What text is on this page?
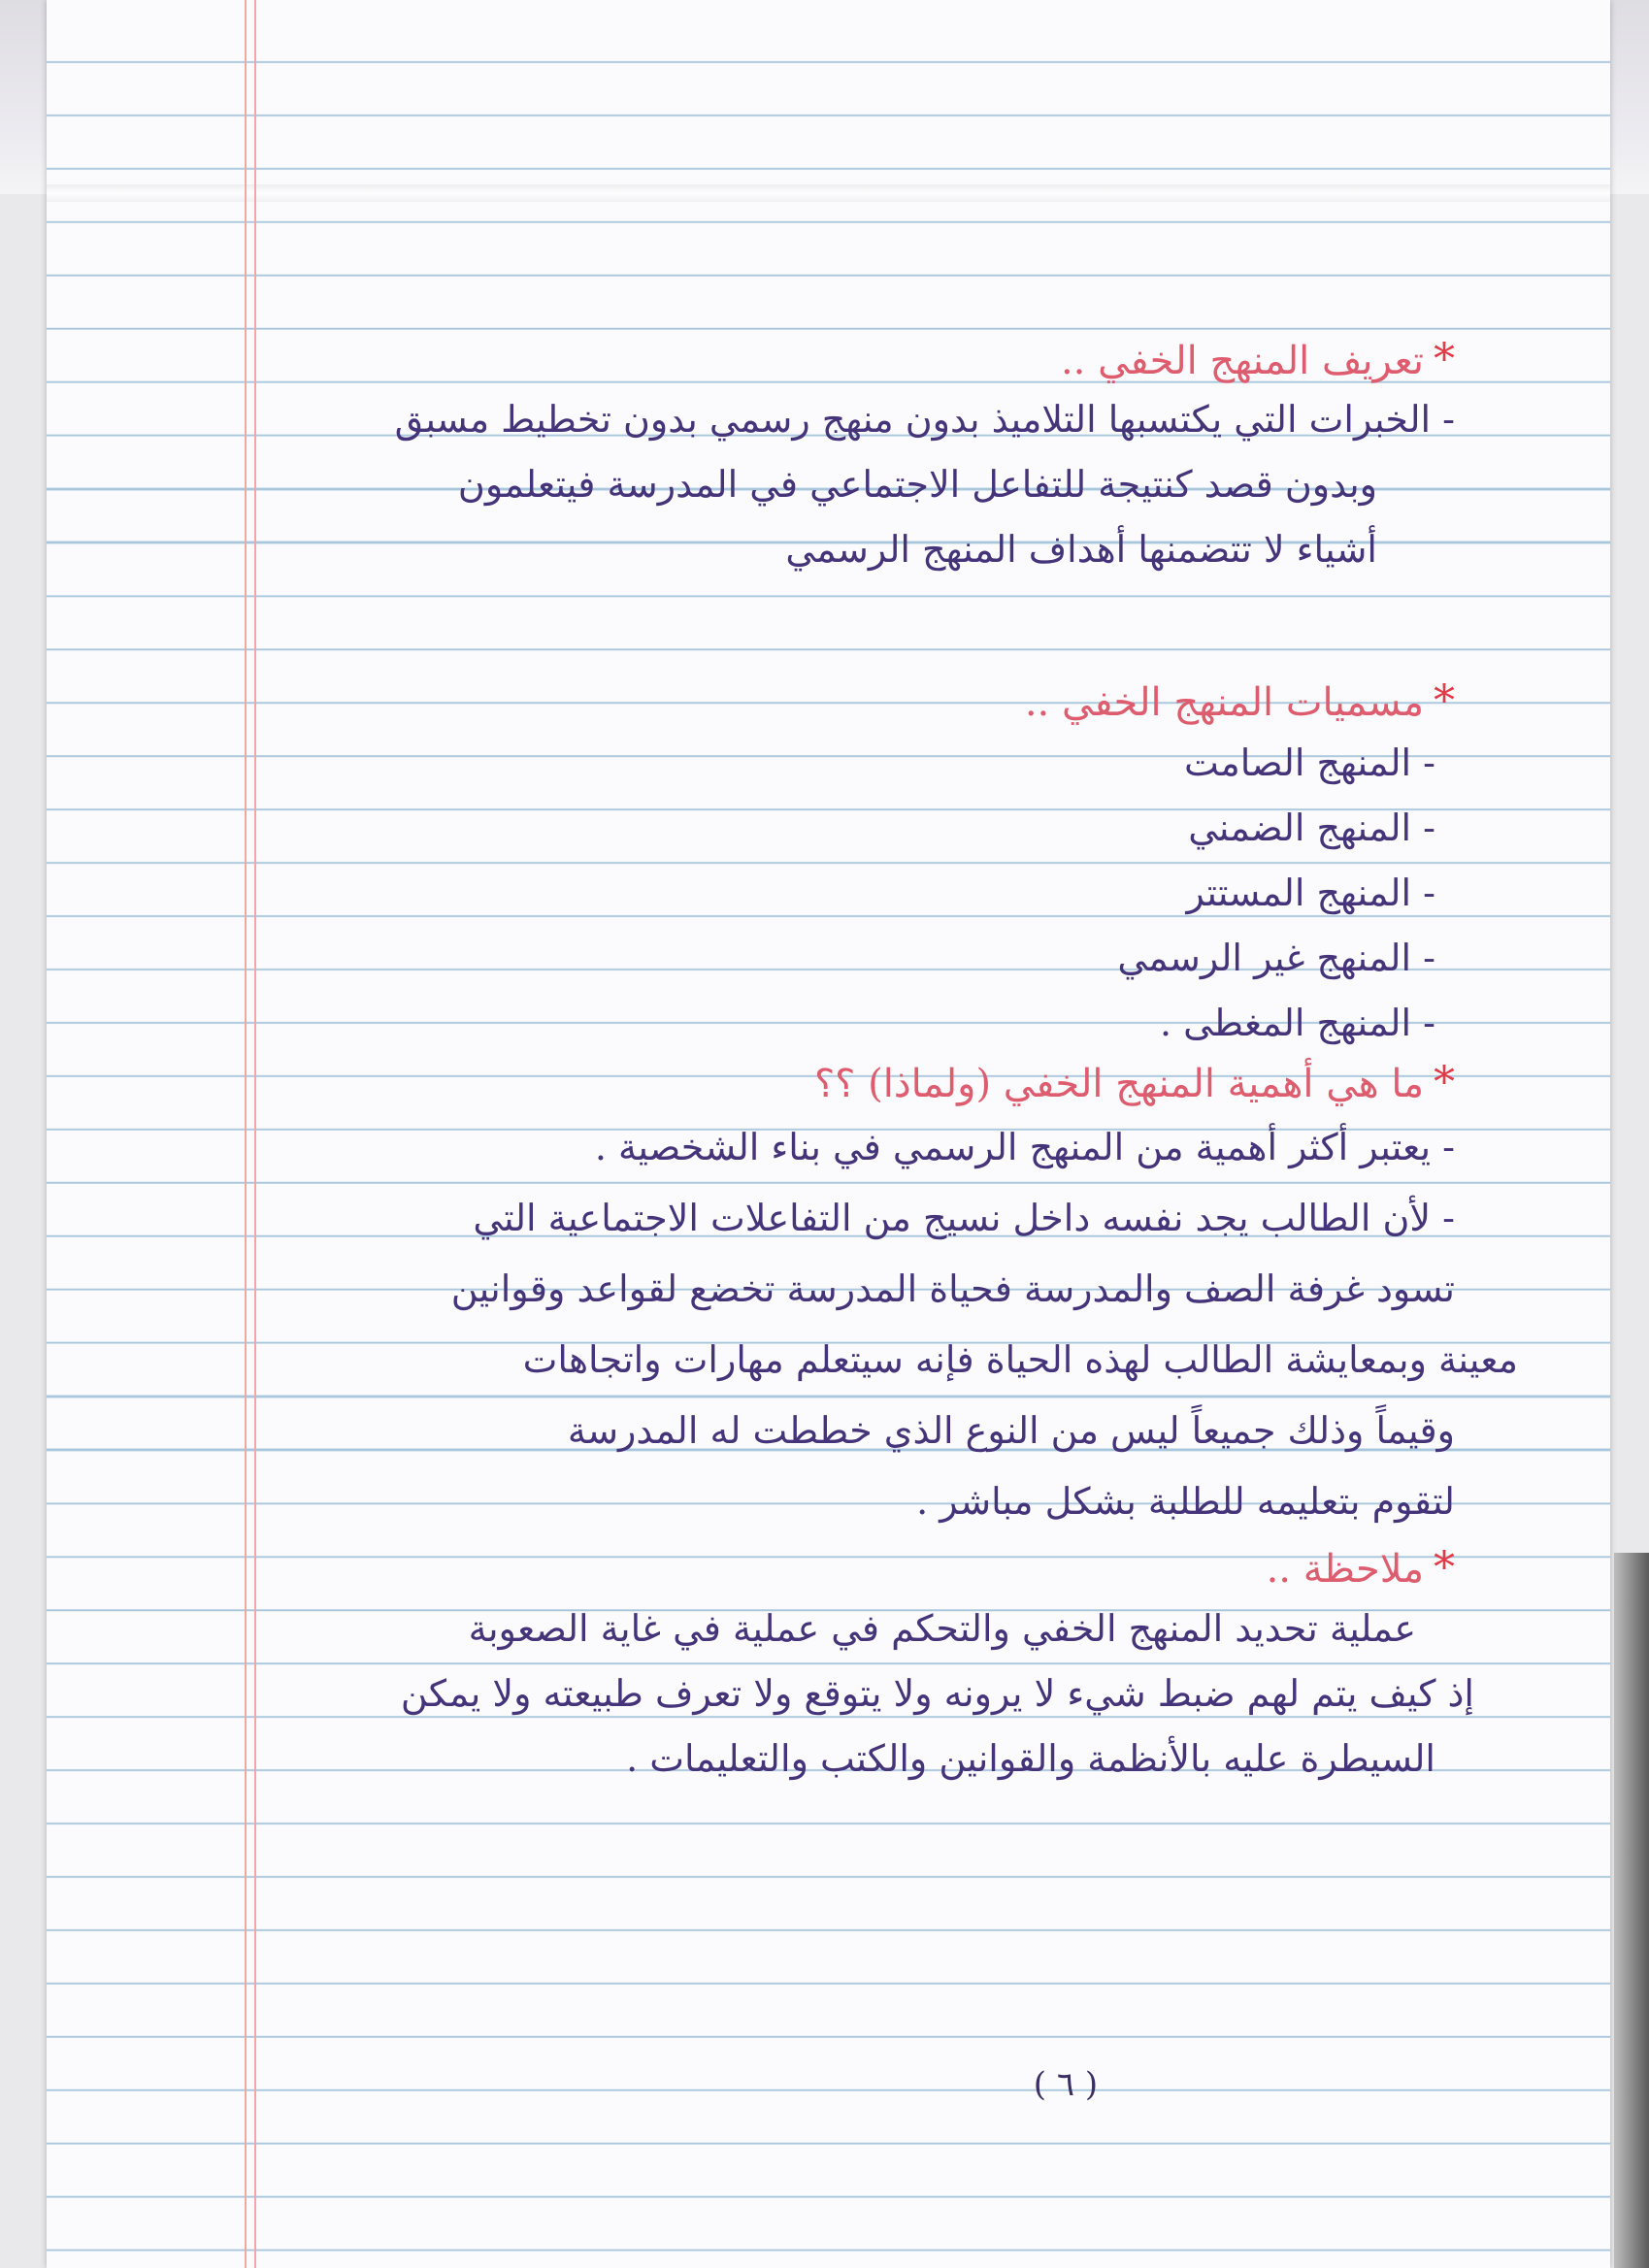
*تعريف المنهج الخفي ..
- الخبرات التي يكتسبها التلاميذ بدون منهج رسمي بدون تخطيط مسبق
وبدون قصد كنتيجة للتفاعل الاجتماعي في المدرسة فيتعلمون
أشياء لا تتضمنها أهداف المنهج الرسمي
*مسميات المنهج الخفي ..
- المنهج الصامت
- المنهج الضمني
- المنهج المستتر
- المنهج غير الرسمي
- المنهج المغطى .
*ما هي أهمية المنهج الخفي (ولماذا) ؟؟
- يعتبر أكثر أهمية من المنهج الرسمي في بناء الشخصية .
- لأن الطالب يجد نفسه داخل نسيج من التفاعلات الاجتماعية التي
تسود غرفة الصف والمدرسة فحياة المدرسة تخضع لقواعد وقوانين
معينة وبمعايشة الطالب لهذه الحياة فإنه سيتعلم مهارات واتجاهات
وقيماً وذلك جميعاً ليس من النوع الذي خططت له المدرسة
لتقوم بتعليمه للطلبة بشكل مباشر .
*ملاحظة ..
عملية تحديد المنهج الخفي والتحكم في عملية في غاية الصعوبة
إذ كيف يتم لهم ضبط شيء لا يرونه ولا يتوقع ولا تعرف طبيعته ولا يمكن
السيطرة عليه بالأنظمة والقوانين والكتب والتعليمات .
( ٦ )
